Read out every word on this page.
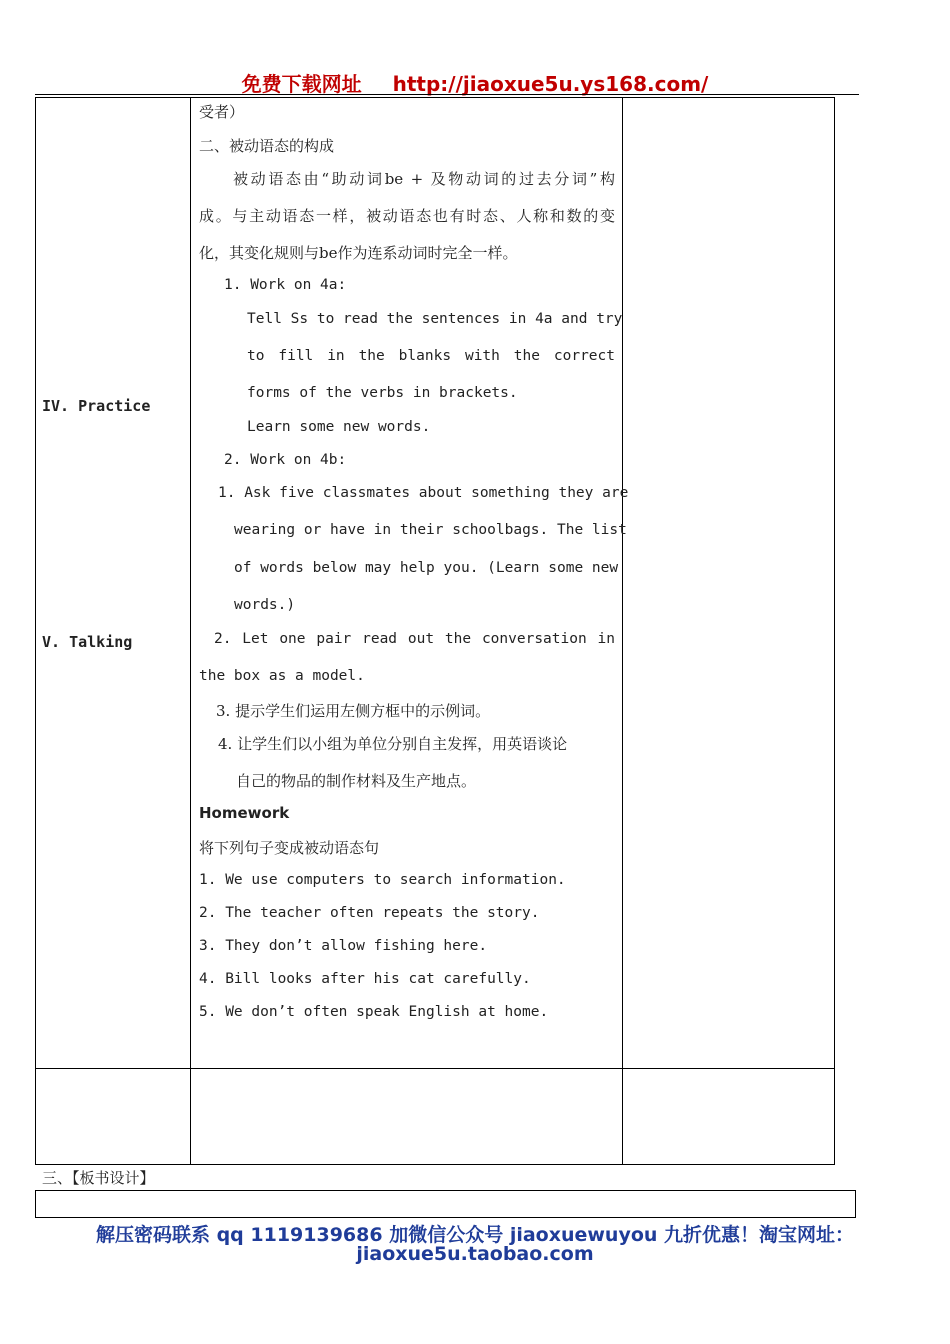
免费下载网址 http://jiaoxue5u.ys168.com/
IV. Practice
V. Talking
受者）
二、被动语态的构成
被动语态由“助动词be + 及物动词的过去分词”构
成。与主动语态一样，被动语态也有时态、人称和数的变
化，其变化规则与be作为连系动词时完全一样。
1. Work on 4a:
Tell Ss to read the sentences in 4a and try
to fill in the blanks with the correct
forms of the verbs in brackets.
Learn some new words.
2. Work on 4b:
1. Ask five classmates about something they are
wearing or have in their schoolbags. The list
of words below may help you. (Learn some new
words.)
2. Let one pair read out the conversation in
the box as a model.
3. 提示学生们运用左侧方框中的示例词。
4. 让学生们以小组为单位分别自主发挥，用英语谈论
自己的物品的制作材料及生产地点。
Homework
将下列句子变成被动语态句
1. We use computers to search information.
2. The teacher often repeats the story.
3. They don’t allow fishing here.
4. Bill looks after his cat carefully.
5. We don’t often speak English at home.
三、【板书设计】
解压密码联系 qq 1119139686 加微信公众号 jiaoxuewuyou 九折优惠！淘宝网址：
jiaoxue5u.taobao.com
